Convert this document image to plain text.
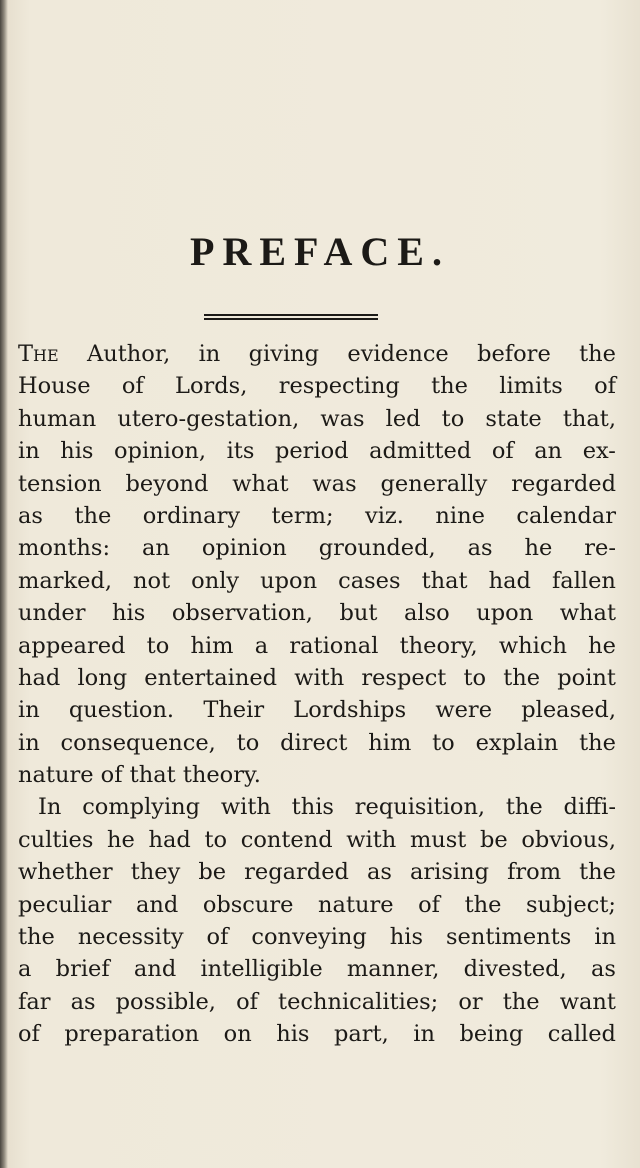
PREFACE.
The Author, in giving evidence before the
House of Lords, respecting the limits of
human utero-gestation, was led to state that,
in his opinion, its period admitted of an ex-
tension beyond what was generally regarded
as the ordinary term; viz. nine calendar
months: an opinion grounded, as he re-
marked, not only upon cases that had fallen
under his observation, but also upon what
appeared to him a rational theory, which he
had long entertained with respect to the point
in question. Their Lordships were pleased,
in consequence, to direct him to explain the
nature of that theory.
In complying with this requisition, the diffi-
culties he had to contend with must be obvious,
whether they be regarded as arising from the
peculiar and obscure nature of the subject;
the necessity of conveying his sentiments in
a brief and intelligible manner, divested, as
far as possible, of technicalities; or the want
of preparation on his part, in being called
